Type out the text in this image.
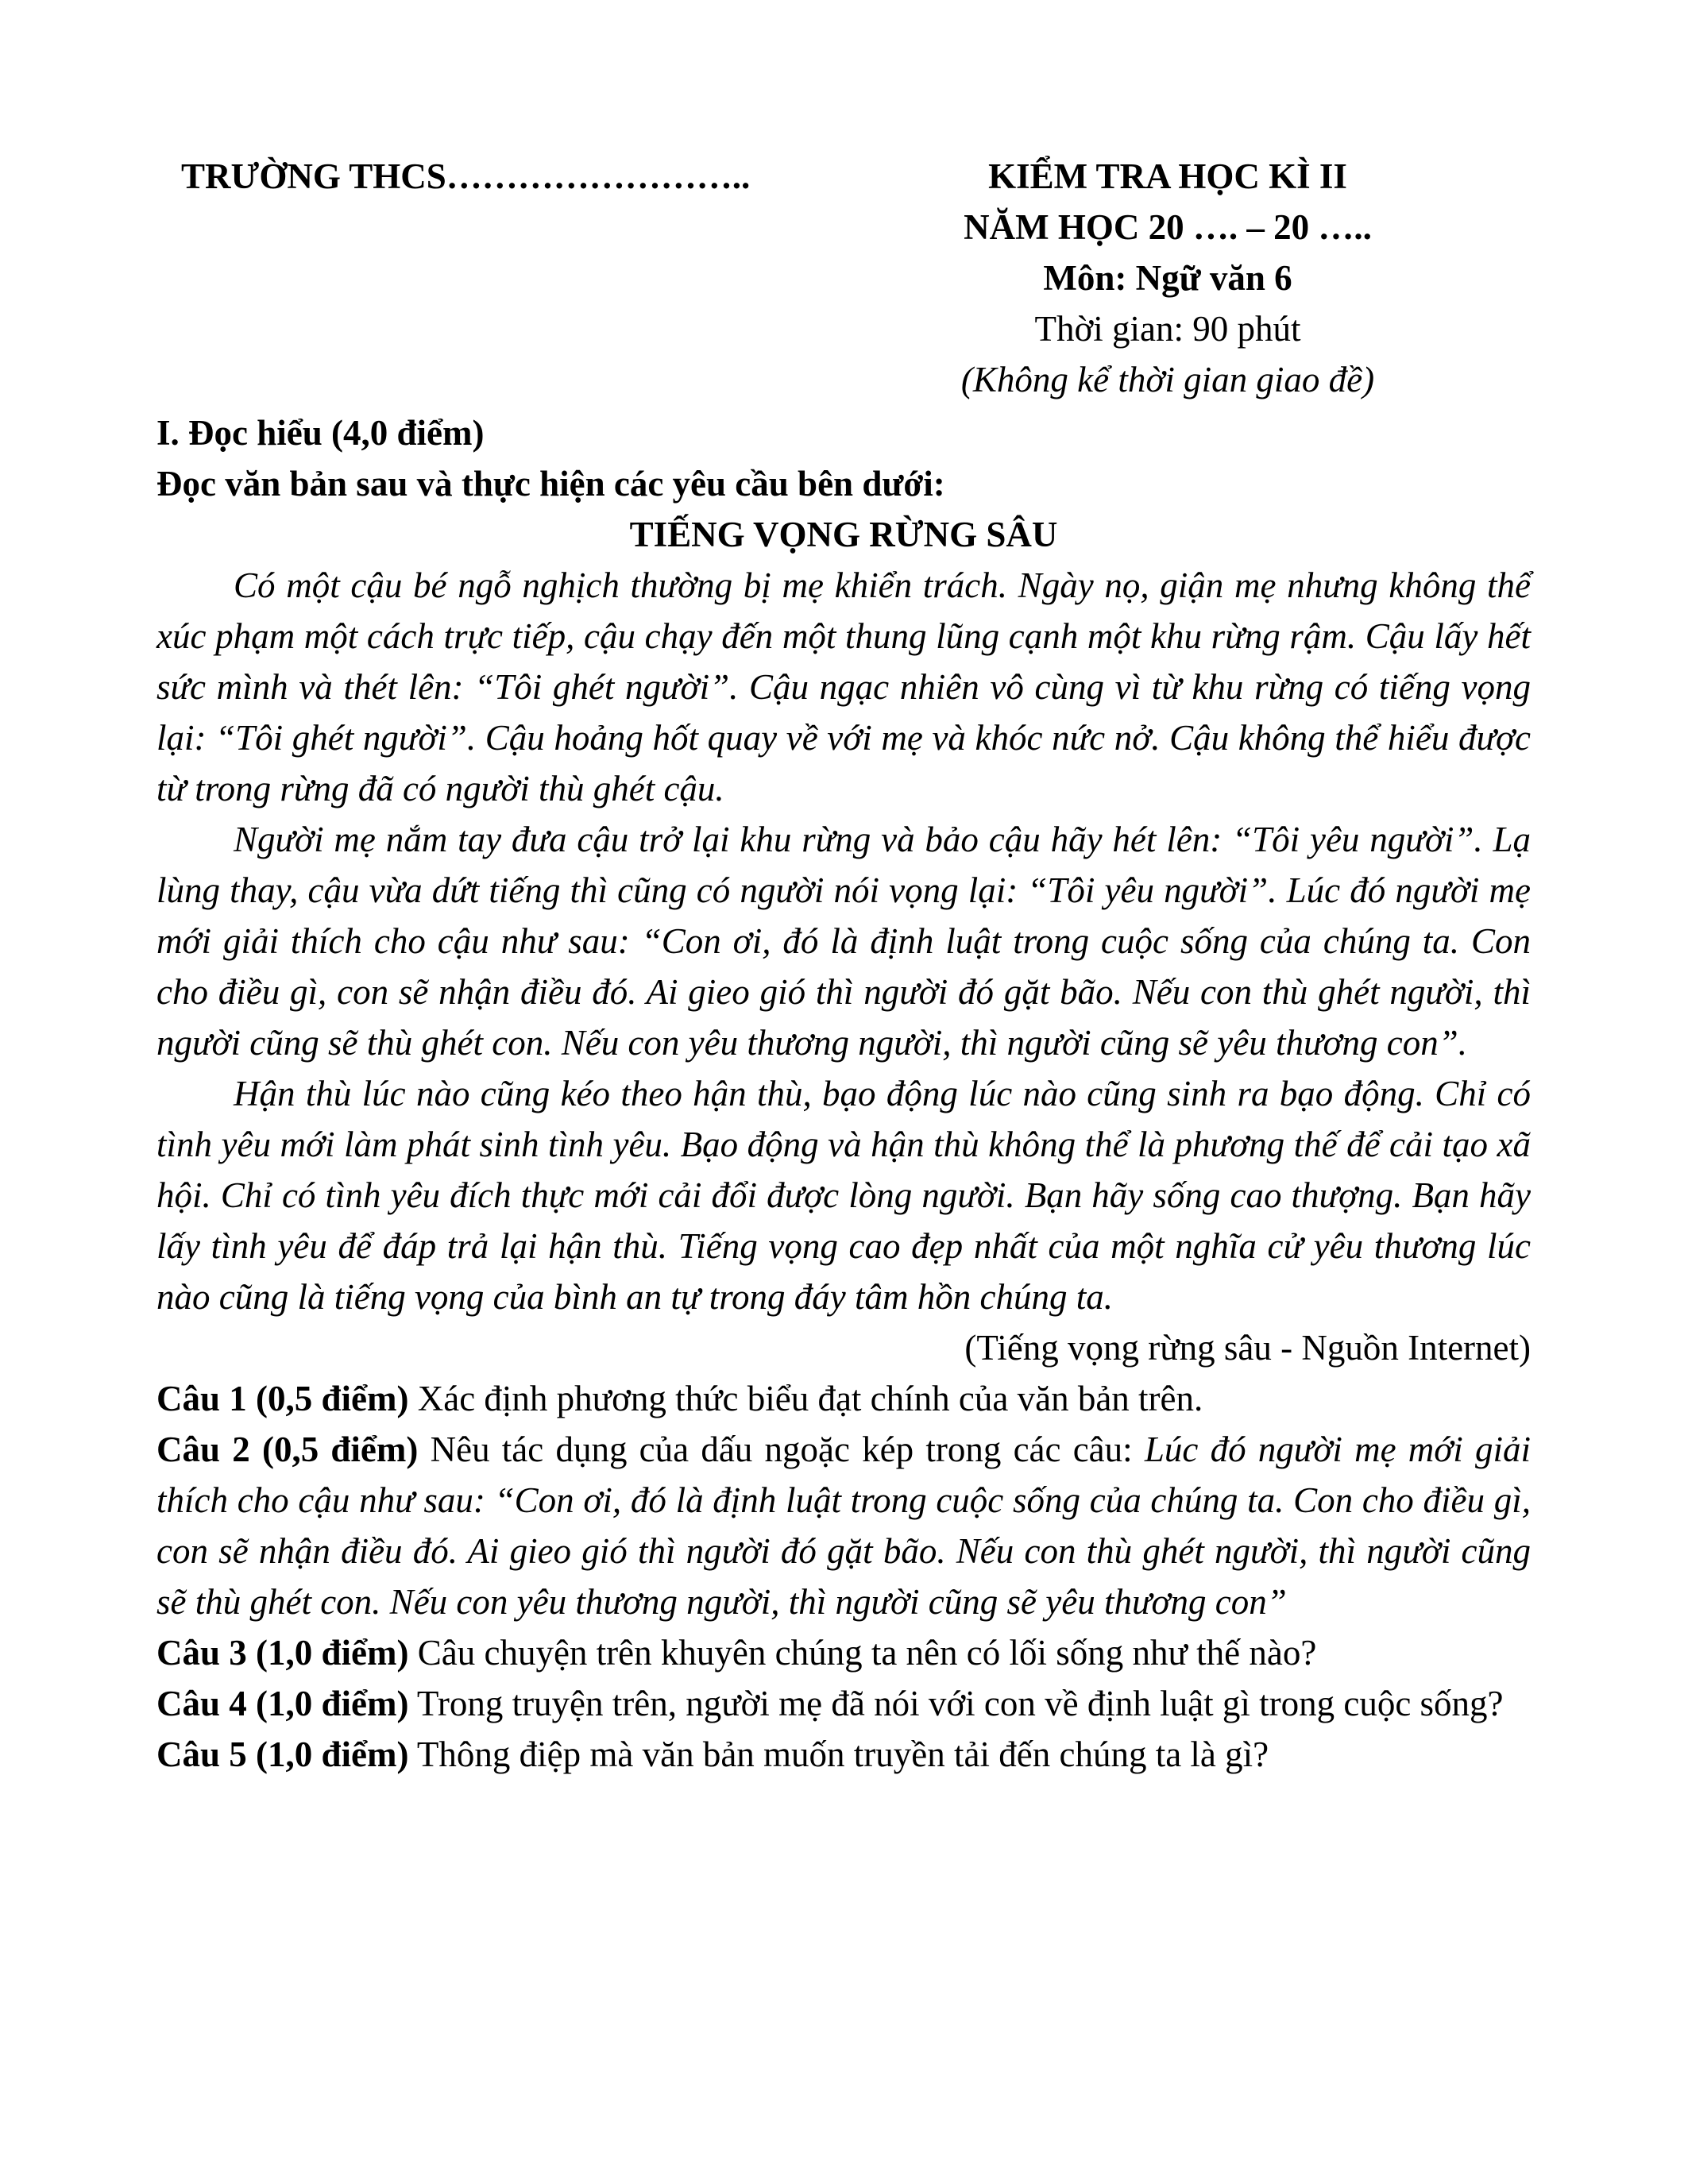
TRƯỜNG THCS……………………..	KIỂM TRA HỌC KÌ II
NĂM HỌC 20 …. – 20 …..
Môn: Ngữ văn 6
Thời gian: 90 phút
(Không kể thời gian giao đề)
I. Đọc hiểu (4,0 điểm)
Đọc văn bản sau và thực hiện các yêu cầu bên dưới:
TIẾNG VỌNG RỪNG SÂU

Có một cậu bé ngỗ nghịch thường bị mẹ khiển trách. Ngày nọ, giận mẹ nhưng không thể xúc phạm một cách trực tiếp, cậu chạy đến một thung lũng cạnh một khu rừng rậm. Cậu lấy hết sức mình và thét lên: “Tôi ghét người”. Cậu ngạc nhiên vô cùng vì từ khu rừng có tiếng vọng lại: “Tôi ghét người”. Cậu hoảng hốt quay về với mẹ và khóc nức nở. Cậu không thể hiểu được từ trong rừng đã có người thù ghét cậu.

Người mẹ nắm tay đưa cậu trở lại khu rừng và bảo cậu hãy hét lên: “Tôi yêu người”. Lạ lùng thay, cậu vừa dứt tiếng thì cũng có người nói vọng lại: “Tôi yêu người”. Lúc đó người mẹ mới giải thích cho cậu như sau: “Con ơi, đó là định luật trong cuộc sống của chúng ta. Con cho điều gì, con sẽ nhận điều đó. Ai gieo gió thì người đó gặt bão. Nếu con thù ghét người, thì người cũng sẽ thù ghét con. Nếu con yêu thương người, thì người cũng sẽ yêu thương con”.

Hận thù lúc nào cũng kéo theo hận thù, bạo động lúc nào cũng sinh ra bạo động. Chỉ có tình yêu mới làm phát sinh tình yêu. Bạo động và hận thù không thể là phương thế để cải tạo xã hội. Chỉ có tình yêu đích thực mới cải đổi được lòng người. Bạn hãy sống cao thượng. Bạn hãy lấy tình yêu để đáp trả lại hận thù. Tiếng vọng cao đẹp nhất của một nghĩa cử yêu thương lúc nào cũng là tiếng vọng của bình an tự trong đáy tâm hồn chúng ta.

(Tiếng vọng rừng sâu - Nguồn Internet)

Câu 1 (0,5 điểm) Xác định phương thức biểu đạt chính của văn bản trên.

Câu 2 (0,5 điểm) Nêu tác dụng của dấu ngoặc kép trong các câu: Lúc đó người mẹ mới giải thích cho cậu như sau: “Con ơi, đó là định luật trong cuộc sống của chúng ta. Con cho điều gì, con sẽ nhận điều đó. Ai gieo gió thì người đó gặt bão. Nếu con thù ghét người, thì người cũng sẽ thù ghét con. Nếu con yêu thương người, thì người cũng sẽ yêu thương con”

Câu 3 (1,0 điểm) Câu chuyện trên khuyên chúng ta nên có lối sống như thế nào?

Câu 4 (1,0 điểm) Trong truyện trên, người mẹ đã nói với con về định luật gì trong cuộc sống?

Câu 5 (1,0 điểm) Thông điệp mà văn bản muốn truyền tải đến chúng ta là gì?
